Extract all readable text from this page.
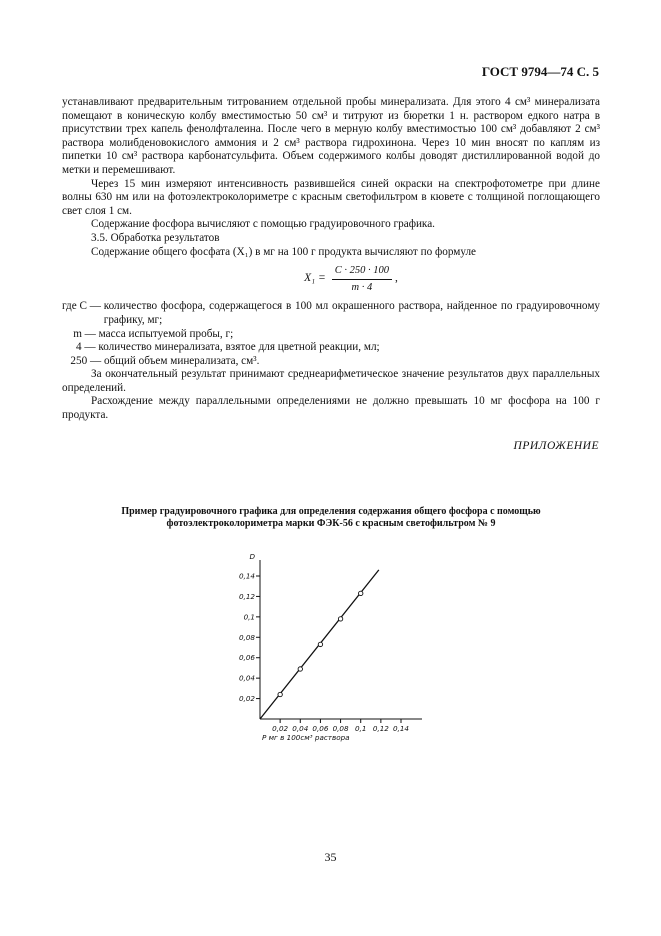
ГОСТ 9794—74 С. 5

устанавливают предварительным титрованием отдельной пробы минерализата. Для этого 4 см³ минерализата помещают в коническую колбу вместимостью 50 см³ и титруют из бюретки 1 н. раствором едкого натра в присутствии трех капель фенолфталеина. После чего в мерную колбу вместимостью 100 см³ добавляют 2 см³ раствора молибденовокислого аммония и 2 см³ раствора гидрохинона. Через 10 мин вносят по каплям из пипетки 10 см³ раствора карбонатсульфита. Объем содержимого колбы доводят дистиллированной водой до метки и перемешивают.

Через 15 мин измеряют интенсивность развившейся синей окраски на спектрофотометре при длине волны 630 нм или на фотоэлектроколориметре с красным светофильтром в кювете с толщиной поглощающего свет слоя 1 см.

Содержание фосфора вычисляют с помощью градуировочного графика.

3.5. Обработка результатов

Содержание общего фосфата (X₁) в мг на 100 г продукта вычисляют по формуле

$X_1 = \frac{C \cdot 250 \cdot 100}{m \cdot 4}$ ,
где C — количество фосфора, содержащегося в 100 мл окрашенного раствора, найденное по градуировочному графику, мг;
m — масса испытуемой пробы, г;
4 — количество минерализата, взятое для цветной реакции, мл;
250 — общий объем минерализата, см³.

За окончательный результат принимают среднеарифметическое значение результатов двух параллельных определений.

Расхождение между параллельными определениями не должно превышать 10 мг фосфора на 100 г продукта.

ПРИЛОЖЕНИЕ
Пример градуировочного графика для определения содержания общего фосфора с помощью
фотоэлектроколориметра марки ФЭК-56 с красным светофильтром № 9
0,02 0,04 0,06 0,08 0,1 0,12 0,14
0,02
0,04
0,06
0,08
0,1
0,12
0,14
D
P мг в 100см³ раствора
35
